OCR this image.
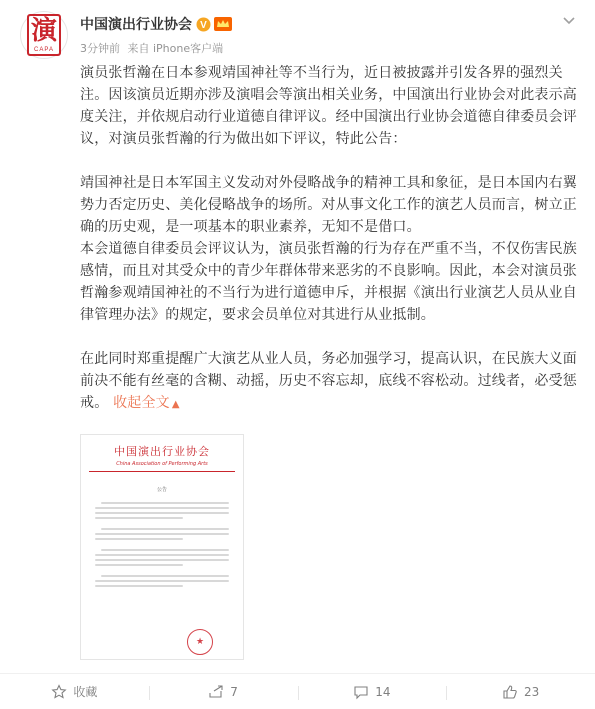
演
CAPA
中国演出行业协会 V
3分钟前 来自 iPhone客户端

演员张哲瀚在日本参观靖国神社等不当行为，近日被披露并引发各界的强烈关注。因该演员近期亦涉及演唱会等演出相关业务，中国演出行业协会对此表示高度关注，并依规启动行业道德自律评议。经中国演出行业协会道德自律委员会评议，对演员张哲瀚的行为做出如下评议，特此公告：

靖国神社是日本军国主义发动对外侵略战争的精神工具和象征，是日本国内右翼势力否定历史、美化侵略战争的场所。对从事文化工作的演艺人员而言，树立正确的历史观，是一项基本的职业素养，无知不是借口。

本会道德自律委员会评议认为，演员张哲瀚的行为存在严重不当，不仅伤害民族感情，而且对其受众中的青少年群体带来恶劣的不良影响。因此，本会对演员张哲瀚参观靖国神社的不当行为进行道德申斥，并根据《演出行业演艺人员从业自律管理办法》的规定，要求会员单位对其进行从业抵制。

在此同时郑重提醒广大演艺从业人员，务必加强学习，提高认识，在民族大义面前决不能有丝毫的含糊、动摇，历史不容忘却，底线不容松动。过线者，必受惩戒。 收起全文 ▲

中国演出行业协会
China Association of Performing Arts
公告
★
收藏	7	14	23
